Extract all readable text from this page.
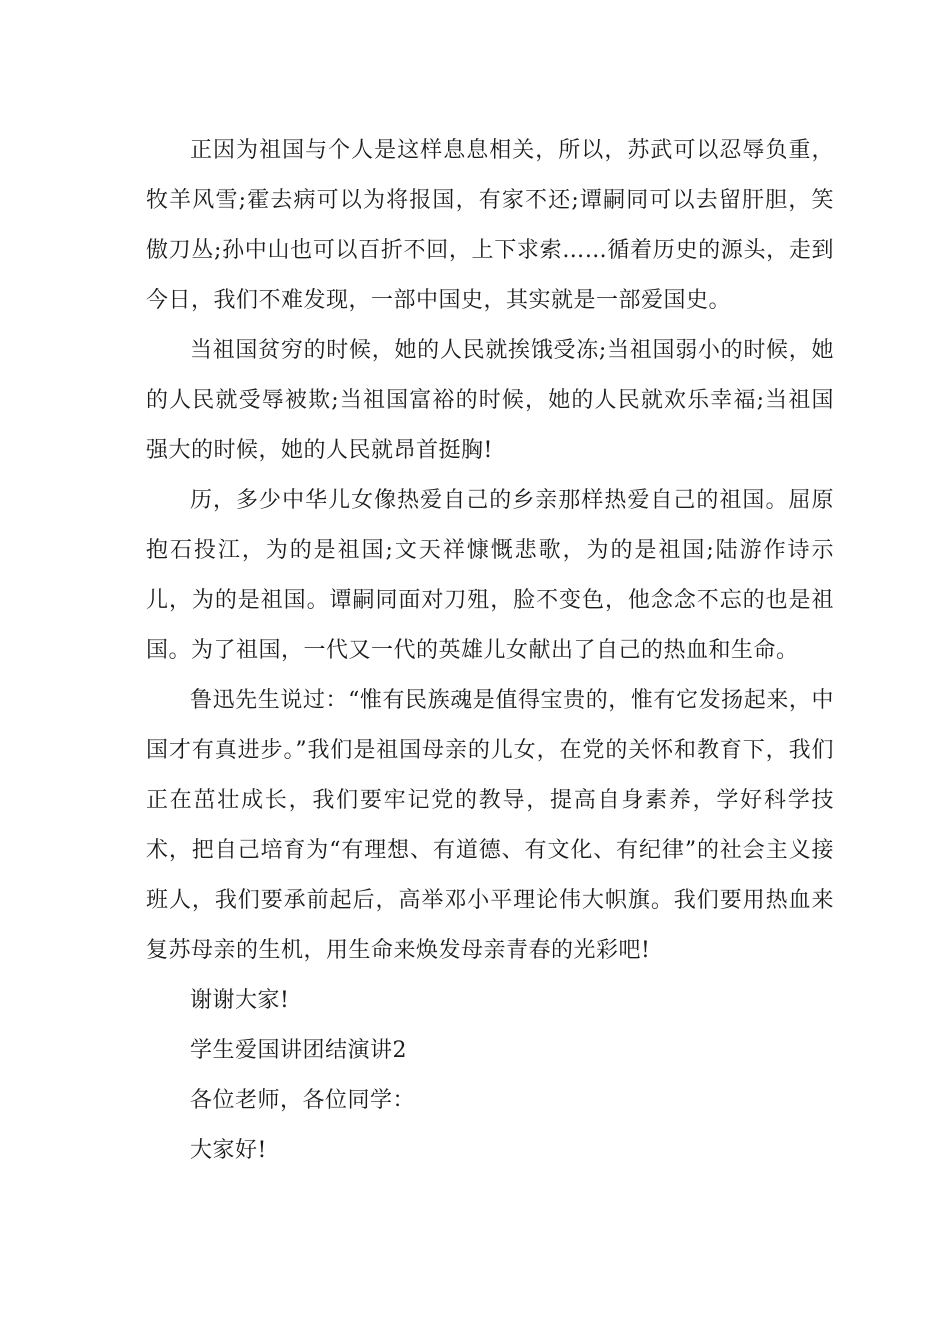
正因为祖国与个人是这样息息相关，所以，苏武可以忍辱负重，牧羊风雪;霍去病可以为将报国，有家不还;谭嗣同可以去留肝胆，笑傲刀丛;孙中山也可以百折不回，上下求索……循着历史的源头，走到今日，我们不难发现，一部中国史，其实就是一部爱国史。

当祖国贫穷的时候，她的人民就挨饿受冻;当祖国弱小的时候，她的人民就受辱被欺;当祖国富裕的时候，她的人民就欢乐幸福;当祖国强大的时候，她的人民就昂首挺胸!

历，多少中华儿女像热爱自己的乡亲那样热爱自己的祖国。屈原抱石投江，为的是祖国;文天祥慷慨悲歌，为的是祖国;陆游作诗示儿，为的是祖国。谭嗣同面对刀殂，脸不变色，他念念不忘的也是祖国。为了祖国，一代又一代的英雄儿女献出了自己的热血和生命。

鲁迅先生说过：“惟有民族魂是值得宝贵的，惟有它发扬起来，中国才有真进步。”我们是祖国母亲的儿女，在党的关怀和教育下，我们正在茁壮成长，我们要牢记党的教导，提高自身素养，学好科学技术，把自己培育为“有理想、有道德、有文化、有纪律”的社会主义接班人，我们要承前起后，高举邓小平理论伟大帜旗。我们要用热血来复苏母亲的生机，用生命来焕发母亲青春的光彩吧!

谢谢大家!

学生爱国讲团结演讲2

各位老师，各位同学：

大家好!
